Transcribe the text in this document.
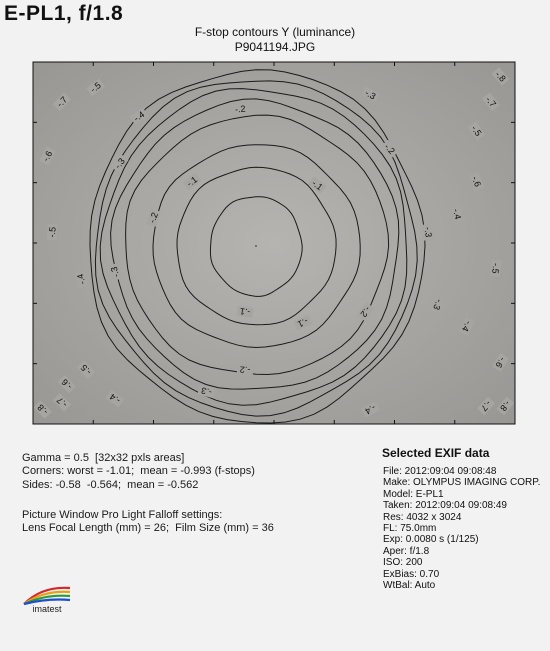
E-PL1, f/1.8
F-stop contours Y (luminance)
P9041194.JPG
-.1
-.1	-.1
-.1
-.2
-.2
-.2
-.2
-.2
-.3
-.3
-.3
-.3
-.3
-.3
-.4
-.4
-.4
-.4
-.4
-.4
-.5
-.5
-.5
-.5
-.5
-.6
-.6
-.6
-.6
-.7
-.7	-.7
-.7
-.8
-.8
-.8
Gamma = 0.5  [32x32 pxls areas]
Corners: worst = -1.01;  mean = -0.993 (f-stops)
Sides: -0.58  -0.564;  mean = -0.562
Picture Window Pro Light Falloff settings:
Lens Focal Length (mm) = 26;  Film Size (mm) = 36
Selected EXIF data
File: 2012:09:04 09:08:48
Make: OLYMPUS IMAGING CORP.
Model: E-PL1
Taken: 2012:09:04 09:08:49
Res: 4032 x 3024
FL: 75.0mm
Exp: 0.0080 s (1/125)
Aper: f/1.8
ISO: 200
ExBias: 0.70
WtBal: Auto
imatest
